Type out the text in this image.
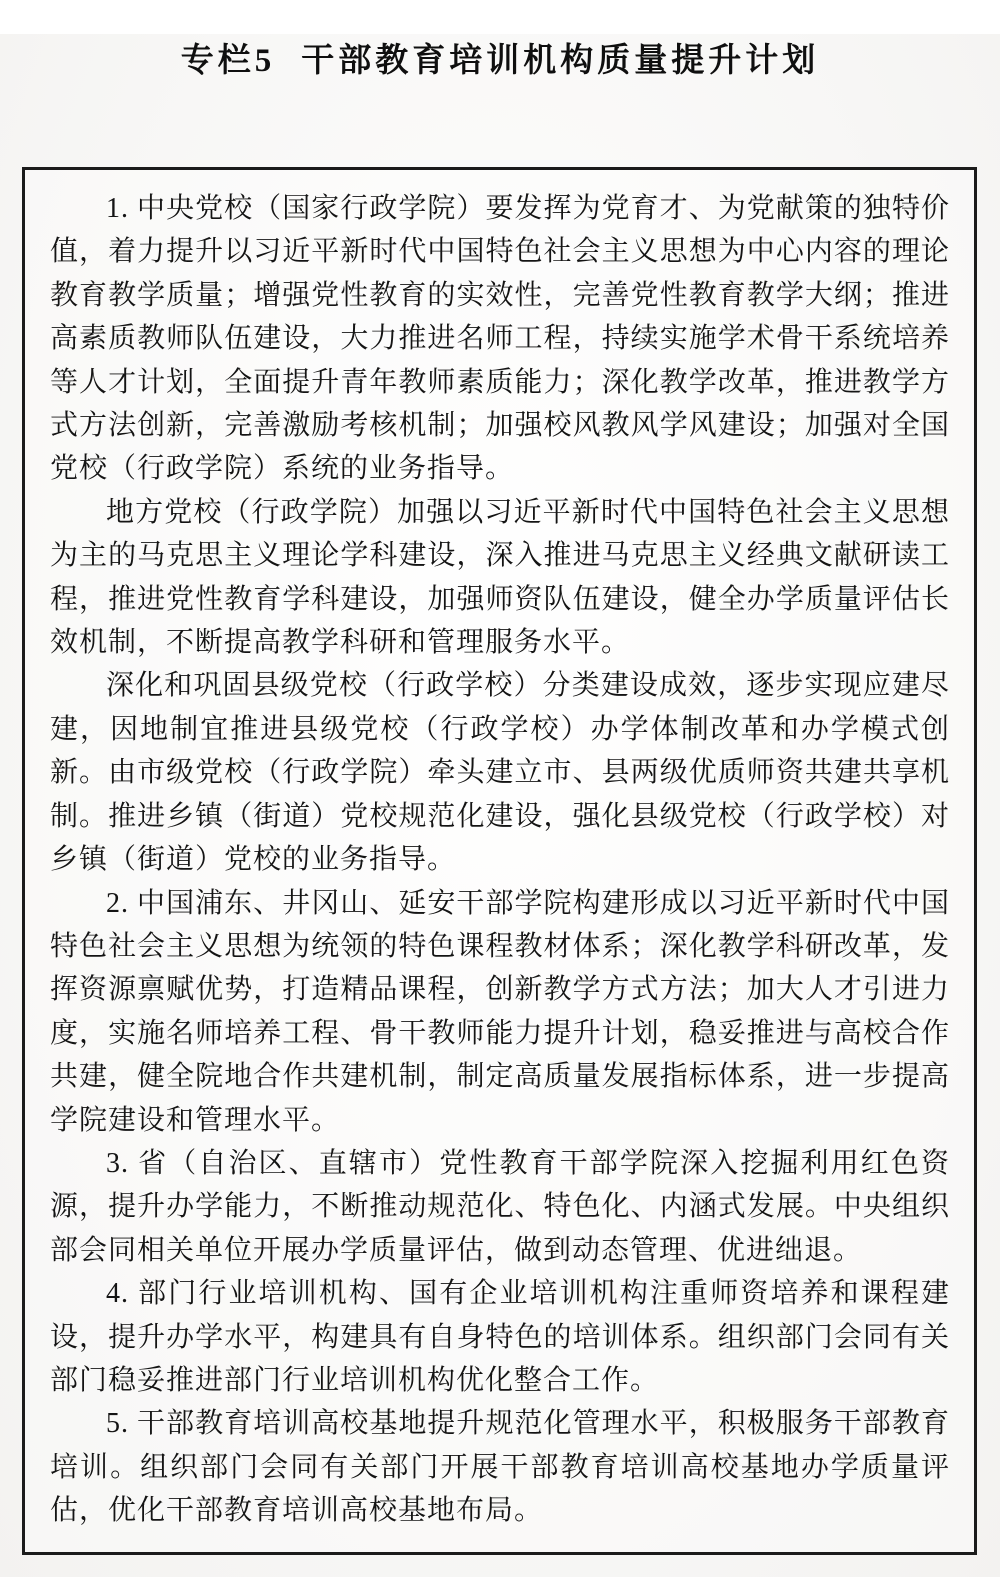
专栏5 干部教育培训机构质量提升计划

1. 中央党校（国家行政学院）要发挥为党育才、为党献策的独特价值，着力提升以习近平新时代中国特色社会主义思想为中心内容的理论教育教学质量；增强党性教育的实效性，完善党性教育教学大纲；推进高素质教师队伍建设，大力推进名师工程，持续实施学术骨干系统培养等人才计划，全面提升青年教师素质能力；深化教学改革，推进教学方式方法创新，完善激励考核机制；加强校风教风学风建设；加强对全国党校（行政学院）系统的业务指导。

地方党校（行政学院）加强以习近平新时代中国特色社会主义思想为主的马克思主义理论学科建设，深入推进马克思主义经典文献研读工程，推进党性教育学科建设，加强师资队伍建设，健全办学质量评估长效机制，不断提高教学科研和管理服务水平。

深化和巩固县级党校（行政学校）分类建设成效，逐步实现应建尽建，因地制宜推进县级党校（行政学校）办学体制改革和办学模式创新。由市级党校（行政学院）牵头建立市、县两级优质师资共建共享机制。推进乡镇（街道）党校规范化建设，强化县级党校（行政学校）对乡镇（街道）党校的业务指导。

2. 中国浦东、井冈山、延安干部学院构建形成以习近平新时代中国特色社会主义思想为统领的特色课程教材体系；深化教学科研改革，发挥资源禀赋优势，打造精品课程，创新教学方式方法；加大人才引进力度，实施名师培养工程、骨干教师能力提升计划，稳妥推进与高校合作共建，健全院地合作共建机制，制定高质量发展指标体系，进一步提高学院建设和管理水平。

3. 省（自治区、直辖市）党性教育干部学院深入挖掘利用红色资源，提升办学能力，不断推动规范化、特色化、内涵式发展。中央组织部会同相关单位开展办学质量评估，做到动态管理、优进绌退。

4. 部门行业培训机构、国有企业培训机构注重师资培养和课程建设，提升办学水平，构建具有自身特色的培训体系。组织部门会同有关部门稳妥推进部门行业培训机构优化整合工作。

5. 干部教育培训高校基地提升规范化管理水平，积极服务干部教育培训。组织部门会同有关部门开展干部教育培训高校基地办学质量评估，优化干部教育培训高校基地布局。
